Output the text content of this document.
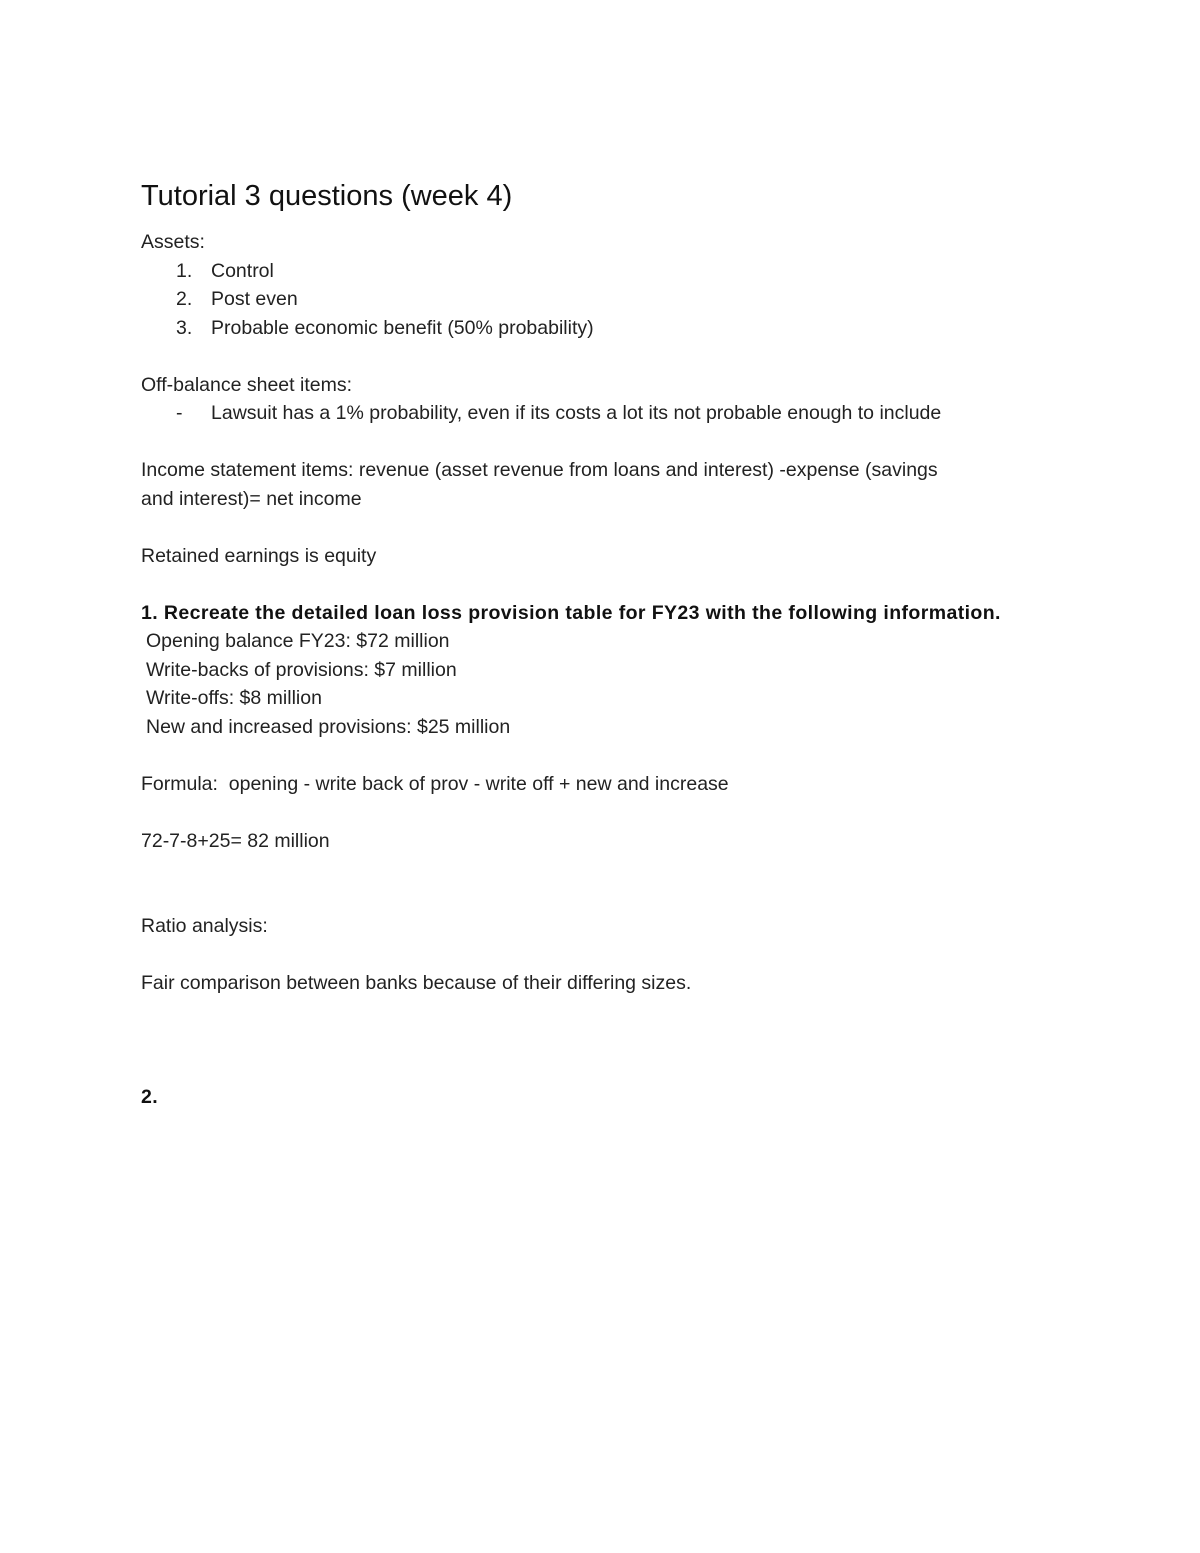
Tutorial 3 questions (week 4)

Assets:

1. Control
2. Post even
3. Probable economic benefit (50% probability)

Off-balance sheet items:

-	Lawsuit has a 1% probability, even if its costs a lot its not probable enough to include

Income statement items: revenue (asset revenue from loans and interest) -expense (savings

and interest)= net income

Retained earnings is equity

1. Recreate the detailed loan loss provision table for FY23 with the following information.

Opening balance FY23: $72 million

Write-backs of provisions: $7 million

Write-offs: $8 million

New and increased provisions: $25 million

Formula:  opening - write back of prov - write off + new and increase

72-7-8+25= 82 million

Ratio analysis:

Fair comparison between banks because of their differing sizes.

2.
